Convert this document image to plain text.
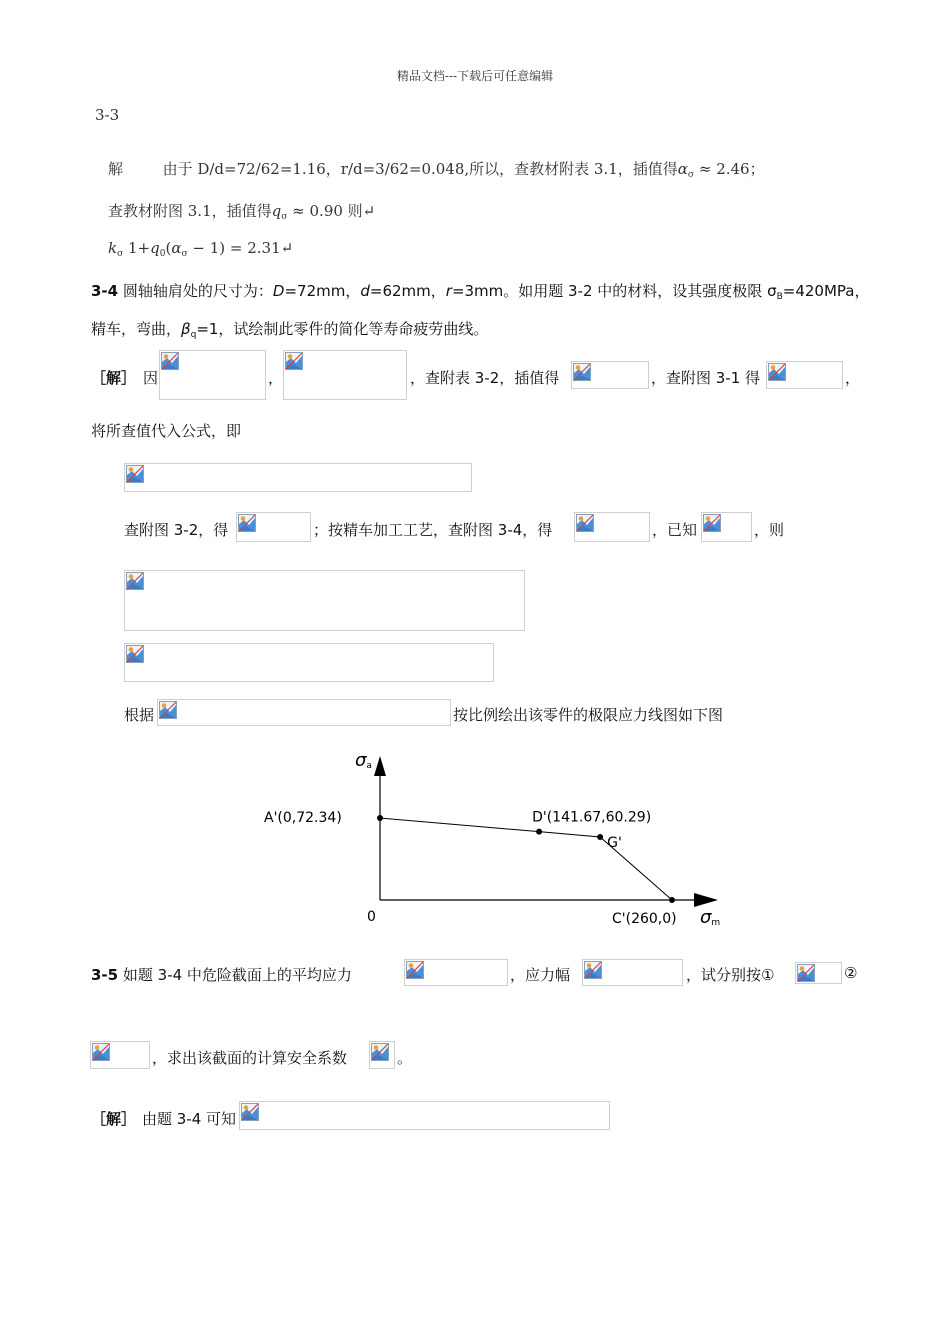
精品文档---下载后可任意编辑
3-3
解	由于 D/d=72/62=1.16，r/d=3/62=0.048,所以，查教材附表 3.1，插值得$\alpha_\sigma \approx 2.46$；
查教材附图 3.1，插值得$q_\sigma \approx 0.90$ 则↵
$k_\sigma$ $1+q_0(\alpha_\sigma - 1)$ = 2.31↵
3-4 圆轴轴肩处的尺寸为：D=72mm，d=62mm，r=3mm。如用题 3-2 中的材料，设其强度极限 $\sigma_B=420MPa$，
精车，弯曲，$\beta_q=1$，试绘制此零件的简化等寿命疲劳曲线。
［解］ 因	，	，查附表 3-2，插值得	，查附图 3-1 得	，
将所查值代入公式，即
查附图 3-2，得	；按精车加工工艺，查附图 3-4，得	，已知	，则
根据	按比例绘出该零件的极限应力线图如下图
σa
σm
0
A'(0,72.34)	D'(141.67,60.29)
G'
C'(260,0)
3-5 如题 3-4 中危险截面上的平均应力	，应力幅	，试分别按①	②
，求出该截面的计算安全系数	。
［解］ 由题 3-4 可知
